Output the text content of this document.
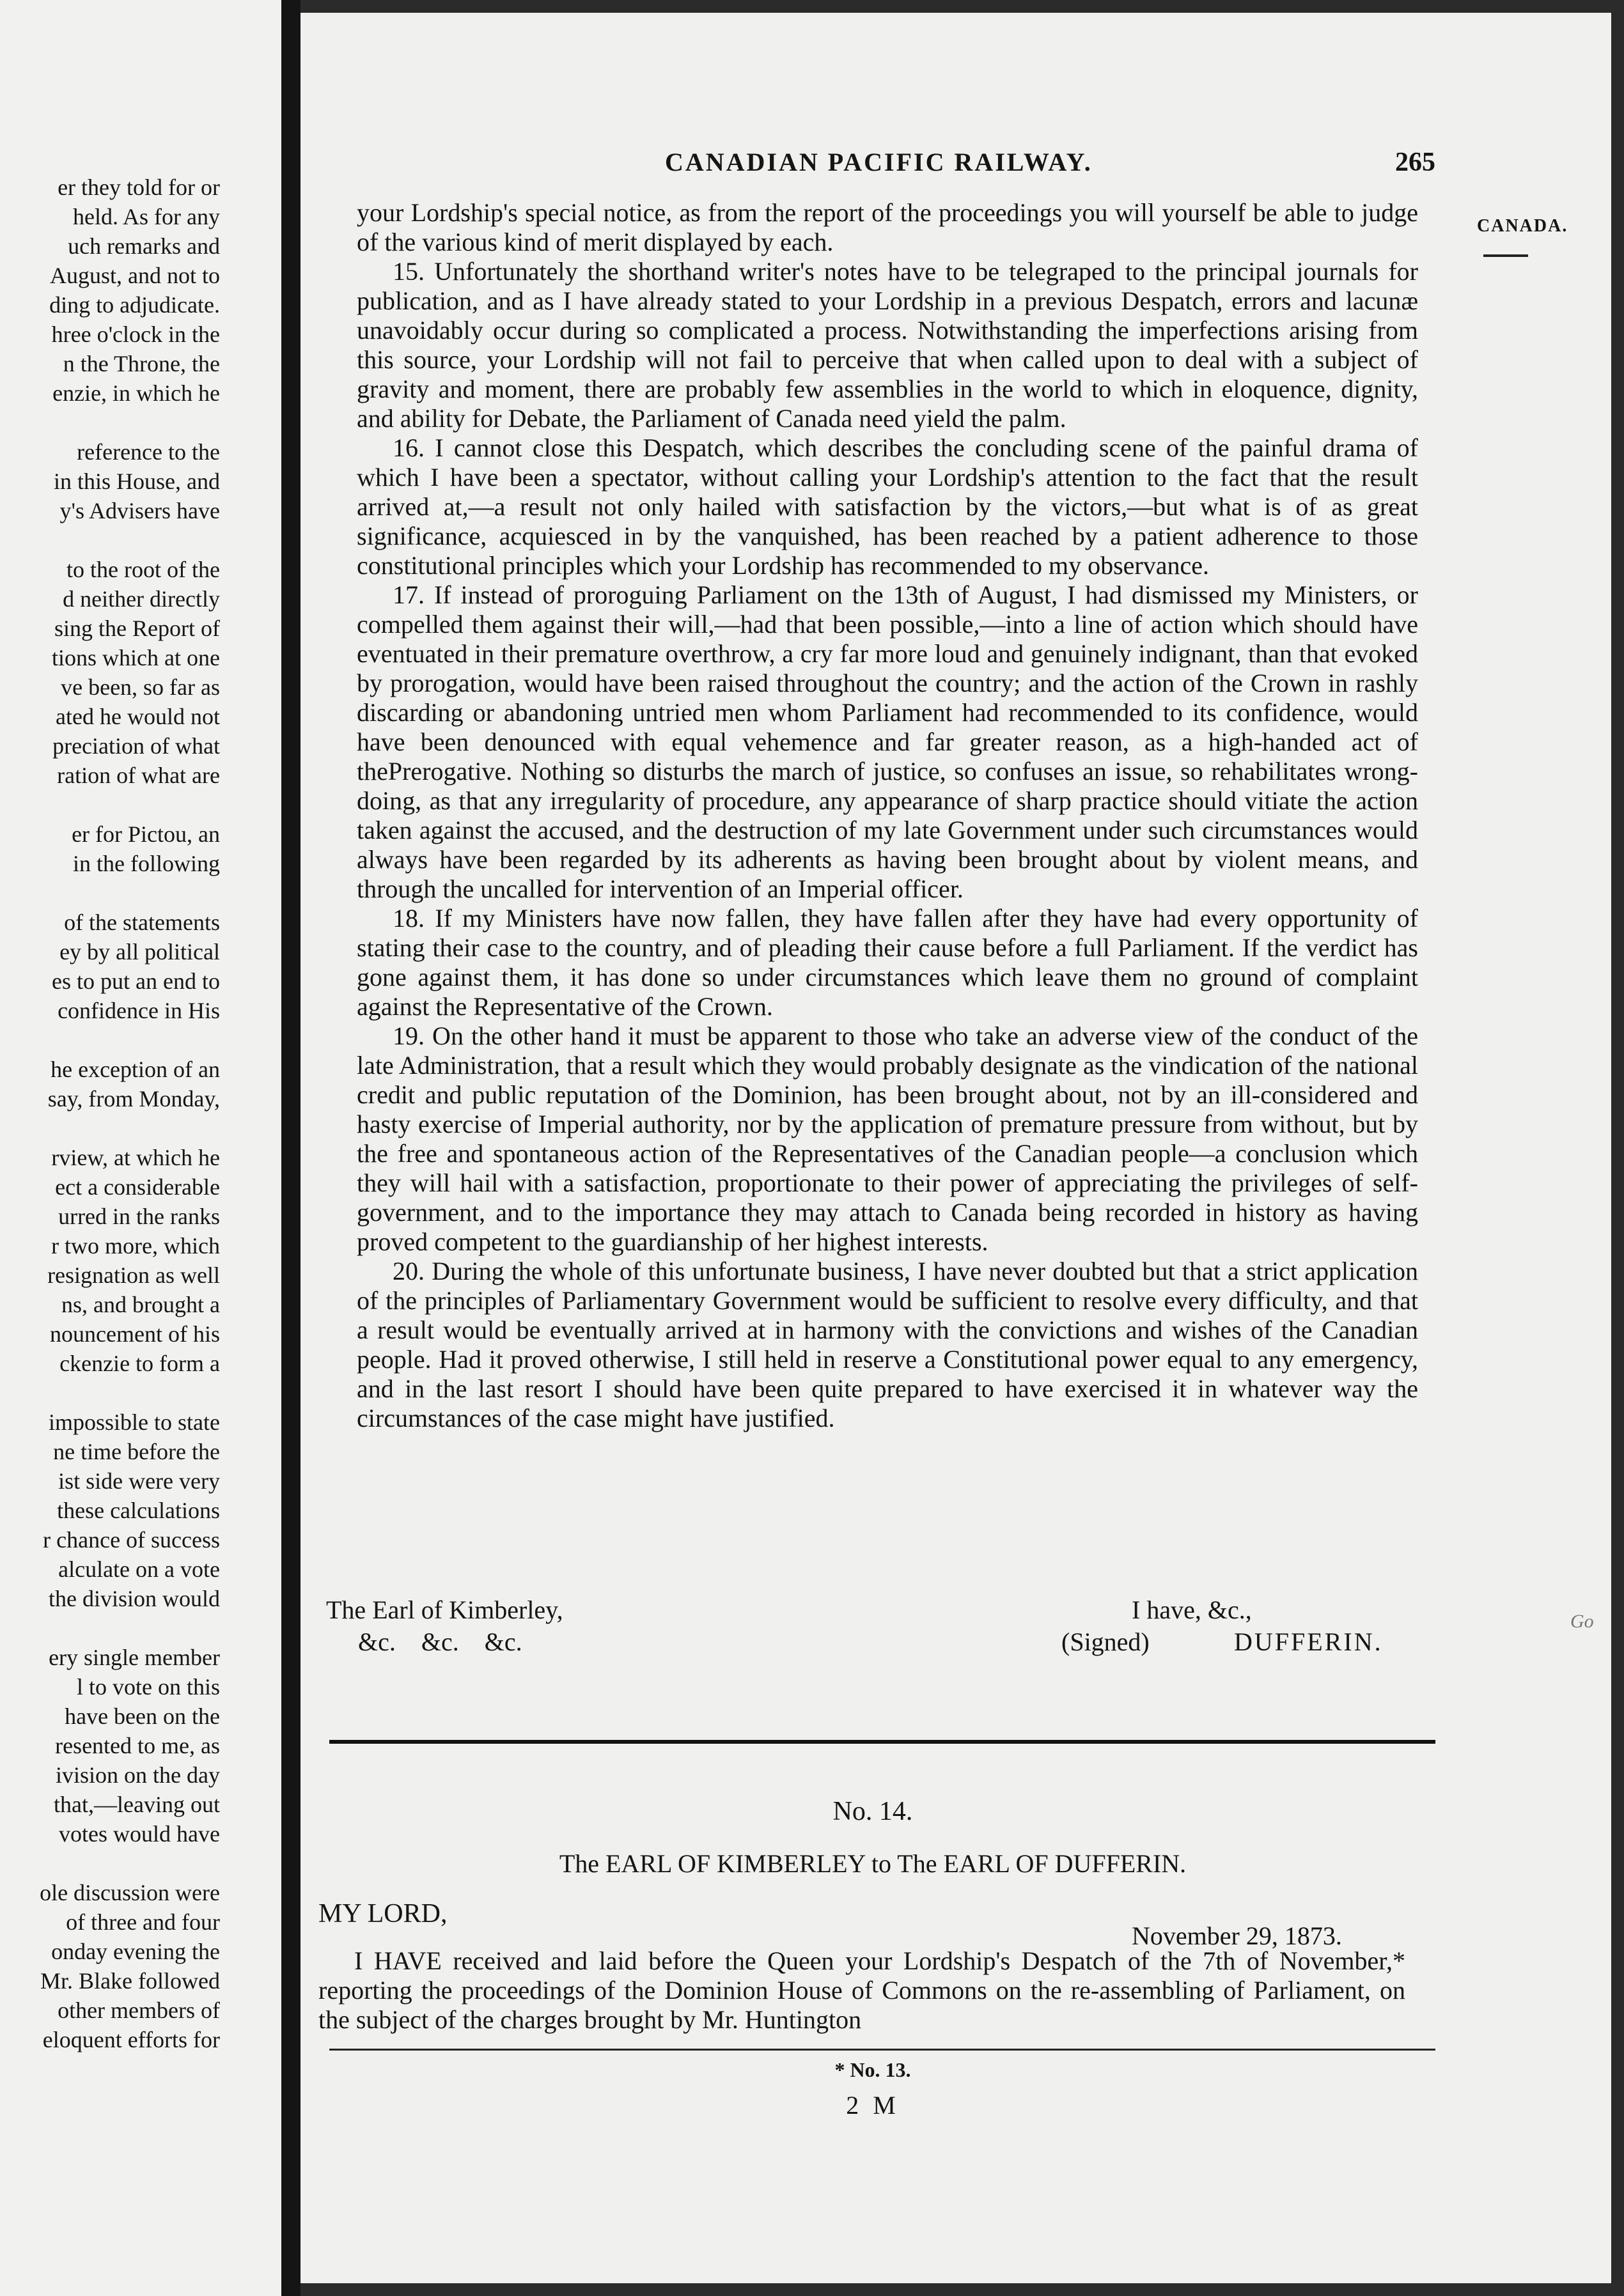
er they told for or
held. As for any
uch remarks and
August, and not to
ding to adjudicate.
hree o'clock in the
n the Throne, the
enzie, in which he
reference to the
in this House, and
y's Advisers have
to the root of the
d neither directly
sing the Report of
tions which at one
ve been, so far as
ated he would not
preciation of what
ration of what are
er for Pictou, an
in the following
of the statements
ey by all political
es to put an end to
confidence in His
he exception of an
say, from Monday,
rview, at which he
ect a considerable
urred in the ranks
r two more, which
resignation as well
ns, and brought a
nouncement of his
ckenzie to form a
impossible to state
ne time before the
ist side were very
these calculations
r chance of success
alculate on a vote
the division would
ery single member
l to vote on this
have been on the
resented to me, as
ivision on the day
that,—leaving out
votes would have
ole discussion were
of three and four
onday evening the
Mr. Blake followed
other members of
eloquent efforts for
CANADIAN PACIFIC RAILWAY.	265
CANADA.
Go

your Lordship's special notice, as from the report of the proceedings you will yourself be able to judge of the various kind of merit displayed by each.

15. Unfortunately the shorthand writer's notes have to be telegraped to the principal journals for publication, and as I have already stated to your Lordship in a previous Despatch, errors and lacunæ unavoidably occur during so complicated a process. Notwithstanding the imperfections arising from this source, your Lordship will not fail to perceive that when called upon to deal with a subject of gravity and moment, there are probably few assemblies in the world to which in eloquence, dignity, and ability for Debate, the Parliament of Canada need yield the palm.

16. I cannot close this Despatch, which describes the concluding scene of the painful drama of which I have been a spectator, without calling your Lordship's attention to the fact that the result arrived at,—a result not only hailed with satisfaction by the victors,—but what is of as great significance, acquiesced in by the vanquished, has been reached by a patient adherence to those constitutional principles which your Lordship has recommended to my observance.

17. If instead of proroguing Parliament on the 13th of August, I had dismissed my Ministers, or compelled them against their will,—had that been possible,—into a line of action which should have eventuated in their premature overthrow, a cry far more loud and genuinely indignant, than that evoked by prorogation, would have been raised throughout the country; and the action of the Crown in rashly discarding or abandoning untried men whom Parliament had recommended to its confidence, would have been denounced with equal vehemence and far greater reason, as a high-handed act of thePrerogative. Nothing so disturbs the march of justice, so confuses an issue, so rehabilitates wrong-doing, as that any irregularity of procedure, any appearance of sharp practice should vitiate the action taken against the accused, and the destruction of my late Government under such circumstances would always have been regarded by its adherents as having been brought about by violent means, and through the uncalled for intervention of an Imperial officer.

18. If my Ministers have now fallen, they have fallen after they have had every opportunity of stating their case to the country, and of pleading their cause before a full Parliament. If the verdict has gone against them, it has done so under circumstances which leave them no ground of complaint against the Representative of the Crown.

19. On the other hand it must be apparent to those who take an adverse view of the conduct of the late Administration, that a result which they would probably designate as the vindication of the national credit and public reputation of the Dominion, has been brought about, not by an ill-considered and hasty exercise of Imperial authority, nor by the application of premature pressure from without, but by the free and spontaneous action of the Representatives of the Canadian people—a conclusion which they will hail with a satisfaction, proportionate to their power of appreciating the privileges of self-government, and to the importance they may attach to Canada being recorded in history as having proved competent to the guardianship of her highest interests.

20. During the whole of this unfortunate business, I have never doubted but that a strict application of the principles of Parliamentary Government would be sufficient to resolve every difficulty, and that a result would be eventually arrived at in harmony with the convictions and wishes of the Canadian people. Had it proved otherwise, I still held in reserve a Constitutional power equal to any emergency, and in the last resort I should have been quite prepared to have exercised it in whatever way the circumstances of the case might have justified.

The Earl of Kimberley,
&c. &c. &c.
I have, &c.,
(Signed)	DUFFERIN.
No. 14.
The EARL OF KIMBERLEY to The EARL OF DUFFERIN.
MY LORD,
November 29, 1873.

I HAVE received and laid before the Queen your Lordship's Despatch of the 7th of November,* reporting the proceedings of the Dominion House of Commons on the re-assembling of Parliament, on the subject of the charges brought by Mr. Huntington

* No. 13.
2 M
